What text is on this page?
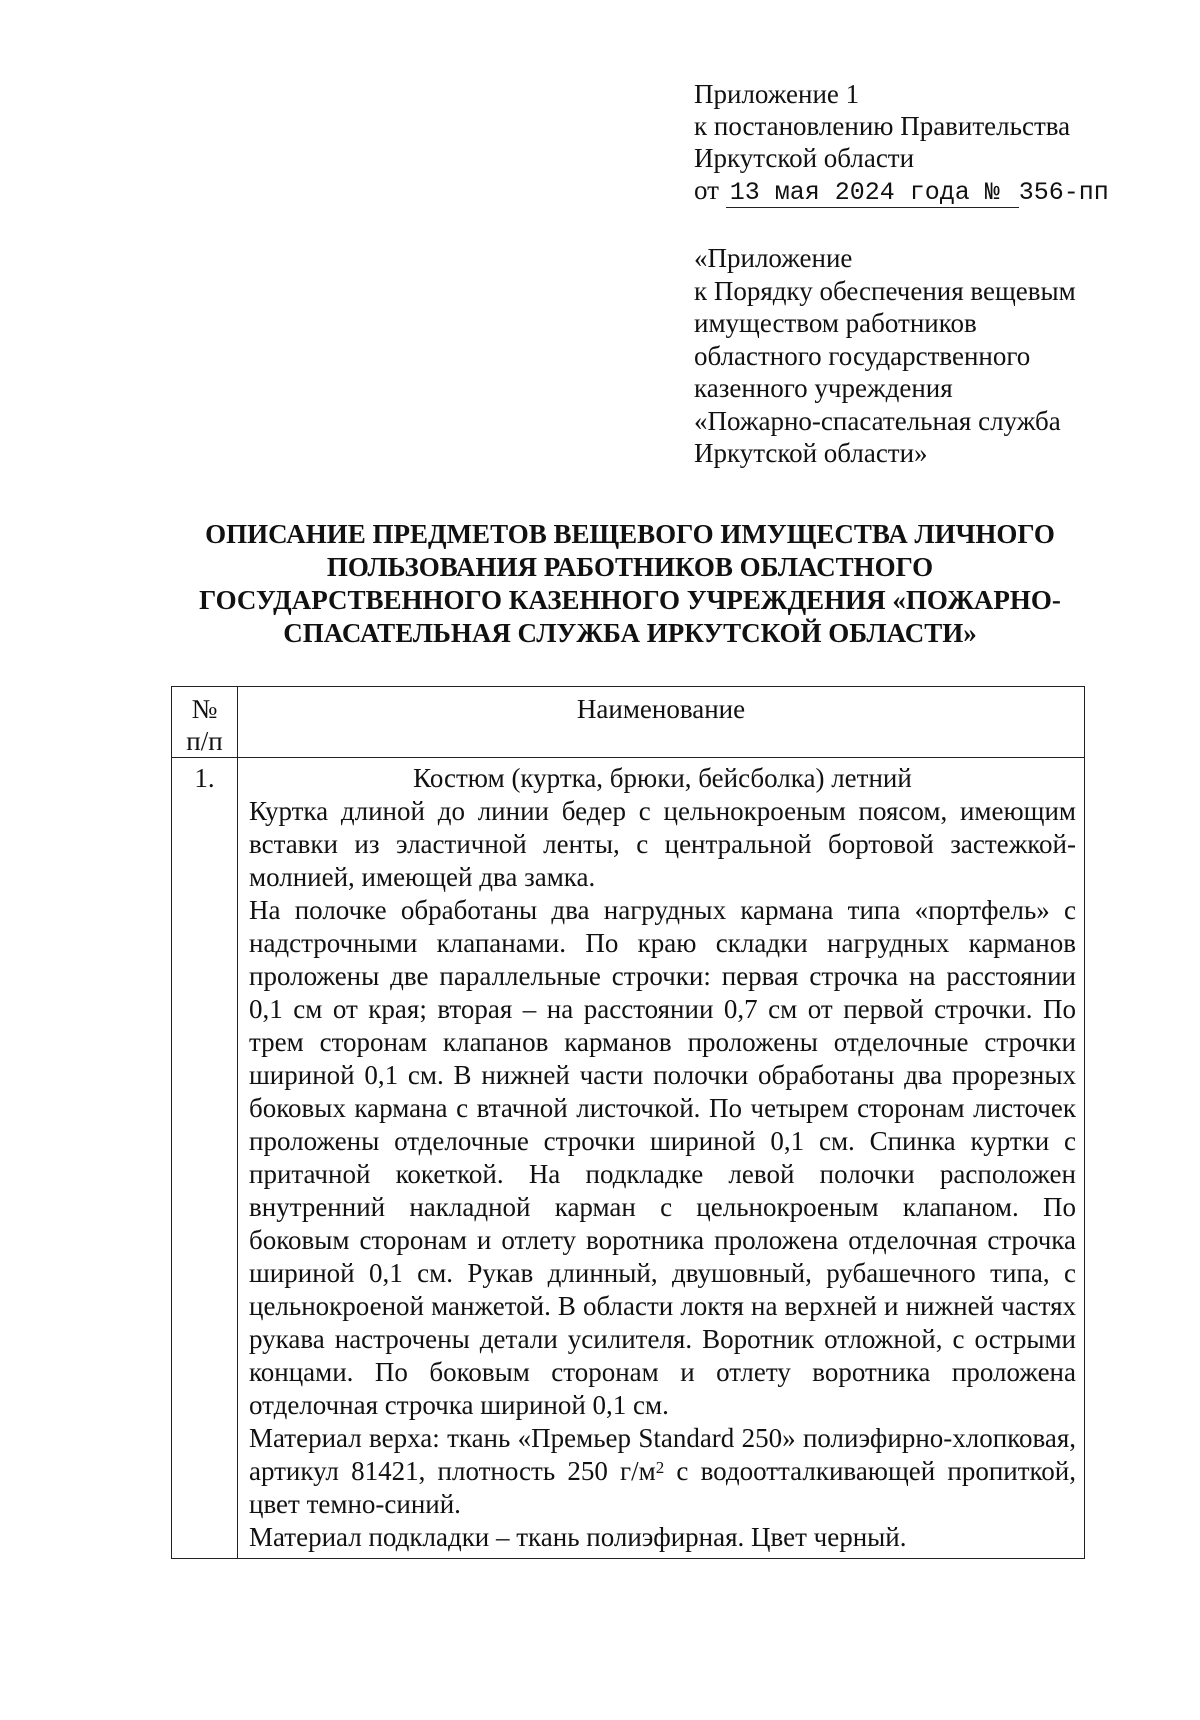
Приложение 1
к постановлению Правительства
Иркутской области
от 13 мая 2024 года № 356-пп
«Приложение
к Порядку обеспечения вещевым
имуществом работников
областного государственного
казенного учреждения
«Пожарно-спасательная служба
Иркутской области»
ОПИСАНИЕ ПРЕДМЕТОВ ВЕЩЕВОГО ИМУЩЕСТВА ЛИЧНОГО
ПОЛЬЗОВАНИЯ РАБОТНИКОВ ОБЛАСТНОГО
ГОСУДАРСТВЕННОГО КАЗЕННОГО УЧРЕЖДЕНИЯ «ПОЖАРНО-
СПАСАТЕЛЬНАЯ СЛУЖБА ИРКУТСКОЙ ОБЛАСТИ»
№
п/п	Наименование
1.	Костюм (куртка, брюки, бейсболка) летний
Куртка длиной до линии бедер с цельнокроеным поясом, имеющим вставки из эластичной ленты, с центральной бортовой застежкой-молнией, имеющей два замка.
На полочке обработаны два нагрудных кармана типа «портфель» с надстрочными клапанами. По краю складки нагрудных карманов проложены две параллельные строчки: первая строчка на расстоянии 0,1 см от края; вторая – на расстоянии 0,7 см от первой строчки. По трем сторонам клапанов карманов проложены отделочные строчки шириной 0,1 см. В нижней части полочки обработаны два прорезных боковых кармана с втачной листочкой. По четырем сторонам листочек проложены отделочные строчки шириной 0,1 см. Спинка куртки с притачной кокеткой. На подкладке левой полочки расположен внутренний накладной карман с цельнокроеным клапаном. По боковым сторонам и отлету воротника проложена отделочная строчка шириной 0,1 см. Рукав длинный, двушовный, рубашечного типа, с цельнокроеной манжетой. В области локтя на верхней и нижней частях рукава настрочены детали усилителя. Воротник отложной, с острыми концами. По боковым сторонам и отлету воротника проложена отделочная строчка шириной 0,1 см.
Материал верха: ткань «Премьер Standard 250» полиэфирно-хлопковая, артикул 81421, плотность 250 $г/м^2$ с водоотталкивающей пропиткой, цвет темно-синий.
Материал подкладки – ткань полиэфирная. Цвет черный.
